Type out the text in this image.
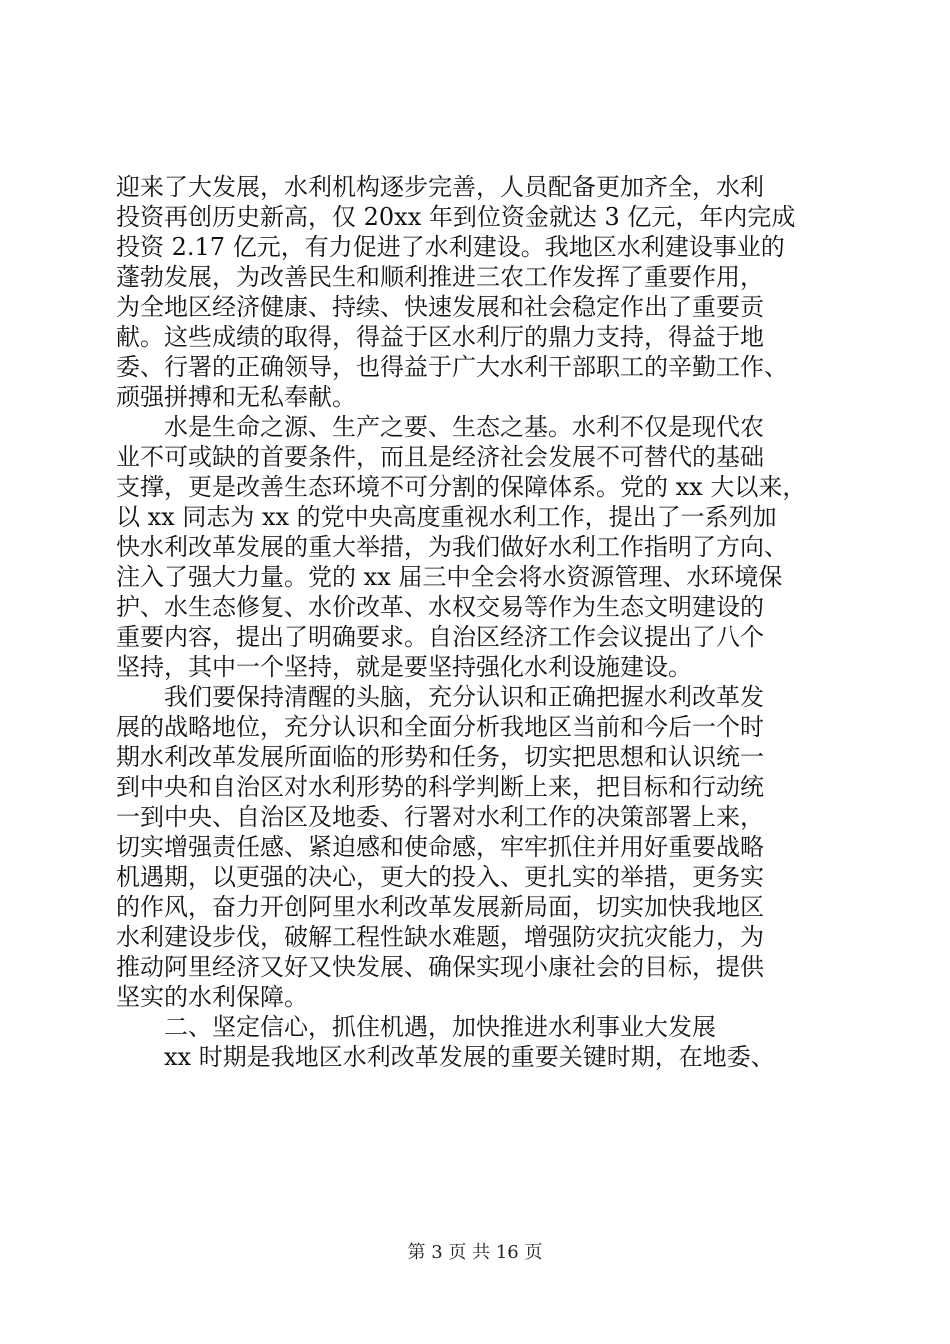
迎来了大发展，水利机构逐步完善，人员配备更加齐全，水利
投资再创历史新高，仅 20xx 年到位资金就达 3 亿元，年内完成
投资 2.17 亿元，有力促进了水利建设。我地区水利建设事业的
蓬勃发展，为改善民生和顺利推进三农工作发挥了重要作用，
为全地区经济健康、持续、快速发展和社会稳定作出了重要贡
献。这些成绩的取得，得益于区水利厅的鼎力支持，得益于地
委、行署的正确领导，也得益于广大水利干部职工的辛勤工作、
顽强拼搏和无私奉献。
　　水是生命之源、生产之要、生态之基。水利不仅是现代农
业不可或缺的首要条件，而且是经济社会发展不可替代的基础
支撑，更是改善生态环境不可分割的保障体系。党的 xx 大以来，
以 xx 同志为 xx 的党中央高度重视水利工作，提出了一系列加
快水利改革发展的重大举措，为我们做好水利工作指明了方向、
注入了强大力量。党的 xx 届三中全会将水资源管理、水环境保
护、水生态修复、水价改革、水权交易等作为生态文明建设的
重要内容，提出了明确要求。自治区经济工作会议提出了八个
坚持，其中一个坚持，就是要坚持强化水利设施建设。
　　我们要保持清醒的头脑，充分认识和正确把握水利改革发
展的战略地位，充分认识和全面分析我地区当前和今后一个时
期水利改革发展所面临的形势和任务，切实把思想和认识统一
到中央和自治区对水利形势的科学判断上来，把目标和行动统
一到中央、自治区及地委、行署对水利工作的决策部署上来，
切实增强责任感、紧迫感和使命感，牢牢抓住并用好重要战略
机遇期，以更强的决心，更大的投入、更扎实的举措，更务实
的作风，奋力开创阿里水利改革发展新局面，切实加快我地区
水利建设步伐，破解工程性缺水难题，增强防灾抗灾能力，为
推动阿里经济又好又快发展、确保实现小康社会的目标，提供
坚实的水利保障。
　　二、坚定信心，抓住机遇，加快推进水利事业大发展
　　xx 时期是我地区水利改革发展的重要关键时期，在地委、
第 3 页 共 16 页
